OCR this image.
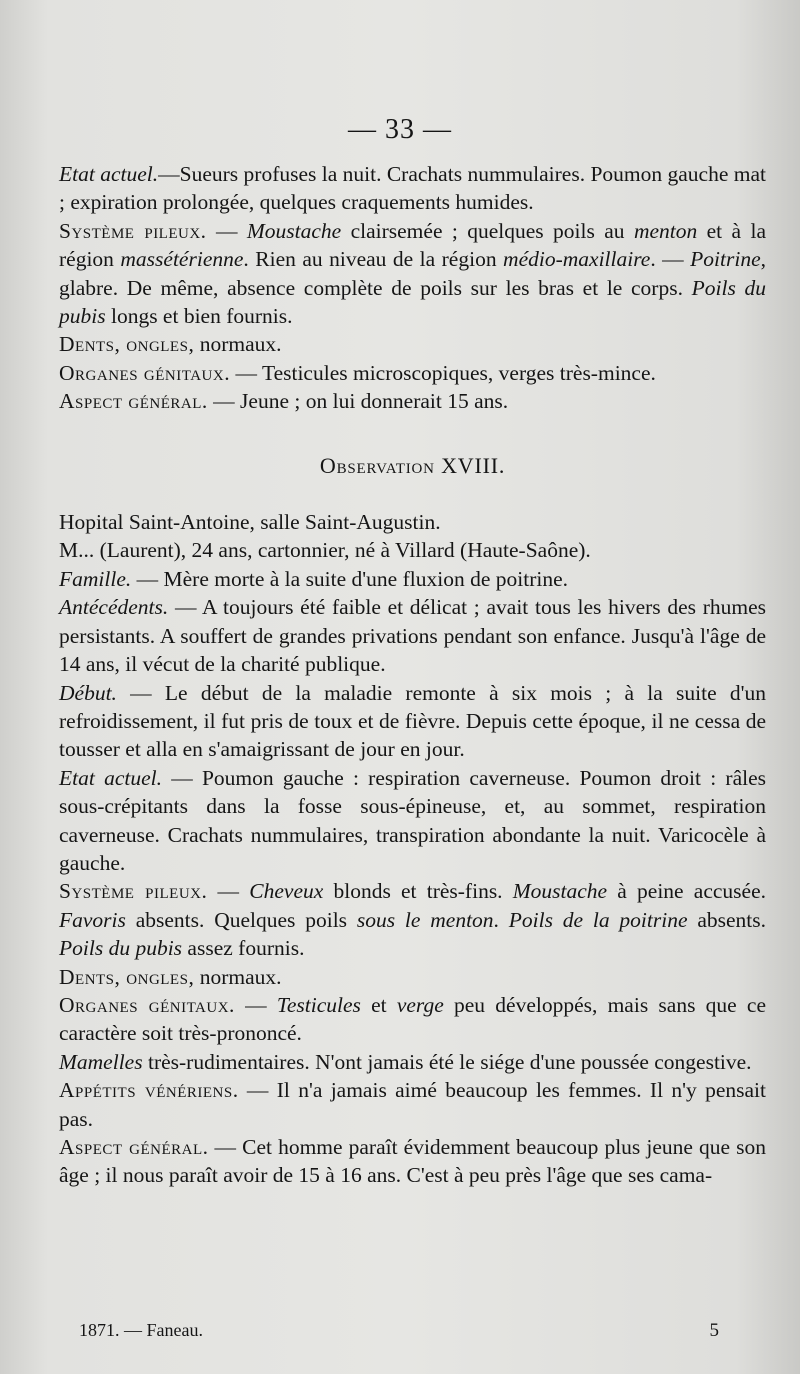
— 33 —

Etat actuel.—Sueurs profuses la nuit. Crachats nummulaires. Poumon gauche mat ; expiration prolongée, quelques craquements humides.

Système pileux. — Moustache clairsemée ; quelques poils au menton et à la région massétérienne. Rien au niveau de la région médio-maxillaire. — Poitrine, glabre. De même, absence complète de poils sur les bras et le corps. Poils du pubis longs et bien fournis.

Dents, ongles, normaux.

Organes génitaux. — Testicules microscopiques, verges très-mince.

Aspect général. — Jeune ; on lui donnerait 15 ans.

Observation XVIII.

Hopital Saint-Antoine, salle Saint-Augustin.

M... (Laurent), 24 ans, cartonnier, né à Villard (Haute-Saône).

Famille. — Mère morte à la suite d'une fluxion de poitrine.

Antécédents. — A toujours été faible et délicat ; avait tous les hivers des rhumes persistants. A souffert de grandes privations pendant son enfance. Jusqu'à l'âge de 14 ans, il vécut de la charité publique.

Début. — Le début de la maladie remonte à six mois ; à la suite d'un refroidissement, il fut pris de toux et de fièvre. Depuis cette époque, il ne cessa de tousser et alla en s'amaigrissant de jour en jour.

Etat actuel. — Poumon gauche : respiration caverneuse. Poumon droit : râles sous-crépitants dans la fosse sous-épineuse, et, au sommet, respiration caverneuse. Crachats nummulaires, transpiration abondante la nuit. Varicocèle à gauche.

Système pileux. — Cheveux blonds et très-fins. Moustache à peine accusée. Favoris absents. Quelques poils sous le menton. Poils de la poitrine absents. Poils du pubis assez fournis.

Dents, ongles, normaux.

Organes génitaux. — Testicules et verge peu développés, mais sans que ce caractère soit très-prononcé.

Mamelles très-rudimentaires. N'ont jamais été le siége d'une poussée congestive.

Appétits vénériens. — Il n'a jamais aimé beaucoup les femmes. Il n'y pensait pas.

Aspect général. — Cet homme paraît évidemment beaucoup plus jeune que son âge ; il nous paraît avoir de 15 à 16 ans. C'est à peu près l'âge que ses cama-

1871. — Faneau.	5
